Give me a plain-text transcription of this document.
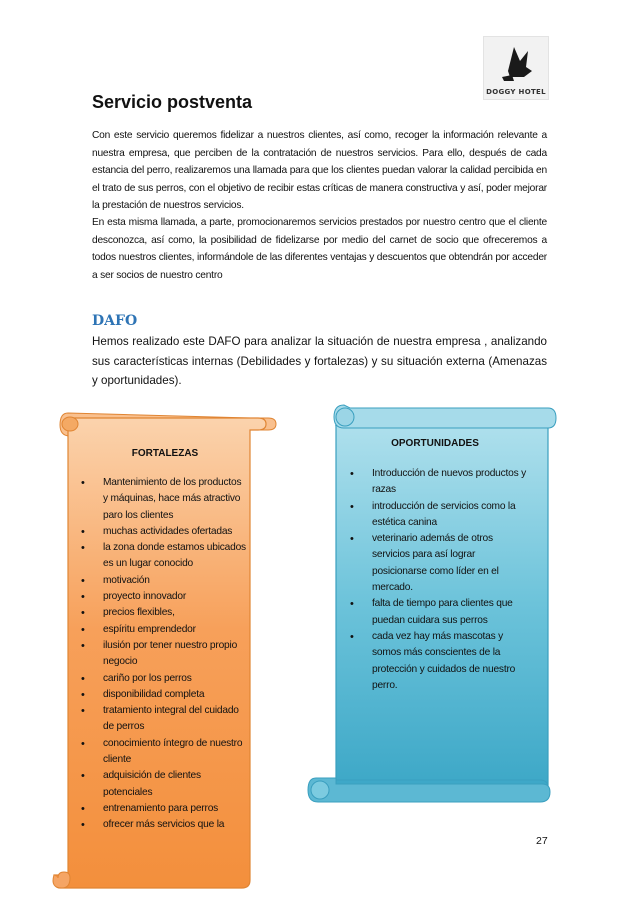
DOGGY HOTEL
Servicio postventa
Con este servicio queremos fidelizar a nuestros clientes, así como, recoger la información relevante a nuestra empresa, que perciben de la contratación de nuestros servicios. Para ello, después de cada estancia del perro, realizaremos una llamada para que los clientes puedan valorar la calidad percibida en el trato de sus perros, con el objetivo de recibir estas críticas de manera constructiva y así, poder mejorar la prestación de nuestros servicios.
En esta misma llamada, a parte, promocionaremos servicios prestados por nuestro centro que el cliente desconozca, así como, la posibilidad de fidelizarse por medio del carnet de socio que ofreceremos a todos nuestros clientes, informándole de las diferentes ventajas y descuentos que obtendrán por acceder a ser socios de nuestro centro
DAFO
Hemos realizado este DAFO para analizar la situación de nuestra empresa , analizando sus características internas (Debilidades y fortalezas) y su situación externa (Amenazas y oportunidades).
FORTALEZAS
• Mantenimiento de los productos y máquinas, hace más atractivo paro los clientes
• muchas actividades ofertadas
• la zona donde estamos ubicados es un lugar conocido
• motivación
• proyecto innovador
• precios flexibles,
• espíritu emprendedor
• ilusión por tener nuestro propio negocio
• cariño por los perros
• disponibilidad completa
• tratamiento integral del cuidado de perros
• conocimiento íntegro de nuestro cliente
• adquisición de clientes potenciales
• entrenamiento para perros
• ofrecer más servicios que la
OPORTUNIDADES
• Introducción de nuevos productos y razas
• introducción de servicios como la estética canina
• veterinario además de otros servicios para así lograr posicionarse como líder en el mercado.
• falta de tiempo para clientes que puedan cuidara sus perros
• cada vez hay más mascotas y somos más conscientes de la protección y cuidados de nuestro perro.
27
